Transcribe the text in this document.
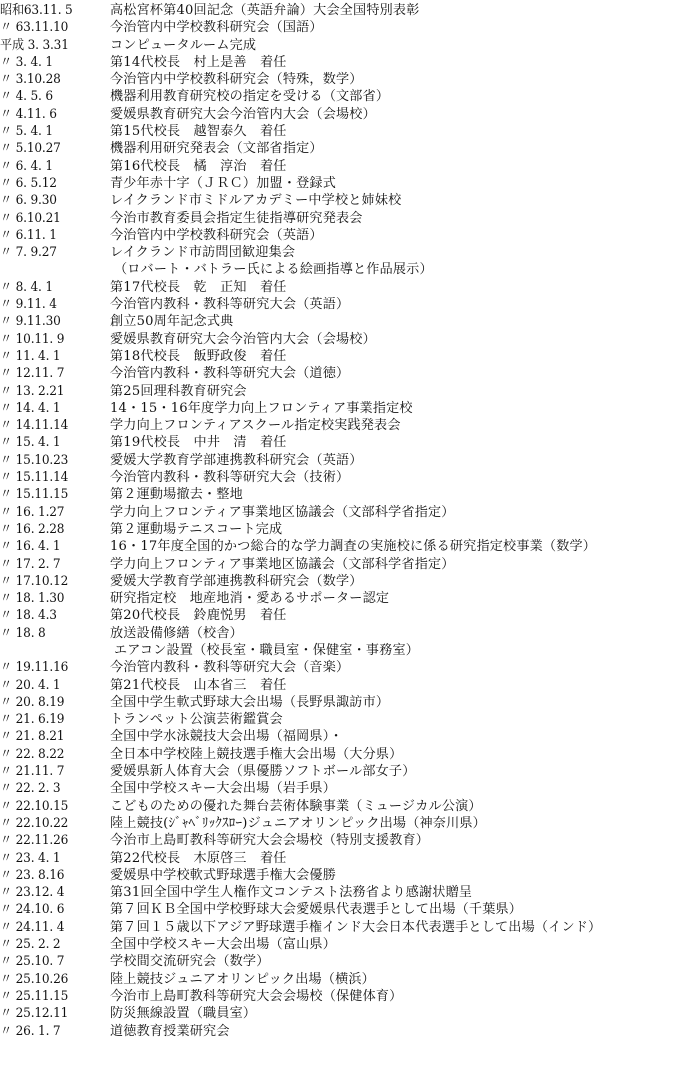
昭和63.11. 5	高松宮杯第40回記念（英語弁論）大会全国特別表彰
〃 63.11.10	今治管内中学校教科研究会（国語）
平成 3. 3.31	コンピュータルーム完成
〃 3. 4. 1	第14代校長　村上是善　着任
〃 3.10.28	今治管内中学校教科研究会（特殊，数学）
〃 4. 5. 6	機器利用教育研究校の指定を受ける（文部省）
〃 4.11. 6	愛媛県教育研究大会今治管内大会（会場校）
〃 5. 4. 1	第15代校長　越智泰久　着任
〃 5.10.27	機器利用研究発表会（文部省指定）
〃 6. 4. 1	第16代校長　橘　淳治　着任
〃 6. 5.12	青少年赤十字（ＪＲＣ）加盟・登録式
〃 6. 9.30	レイクランド市ミドルアカデミー中学校と姉妹校
〃 6.10.21	今治市教育委員会指定生徒指導研究発表会
〃 6.11. 1	今治管内中学校教科研究会（英語）
〃 7. 9.27	レイクランド市訪問団歓迎集会
（ロバート・バトラー氏による絵画指導と作品展示）
〃 8. 4. 1	第17代校長　乾　正知　着任
〃 9.11. 4	今治管内教科・教科等研究大会（英語）
〃 9.11.30	創立50周年記念式典
〃 10.11. 9	愛媛県教育研究大会今治管内大会（会場校）
〃 11. 4. 1	第18代校長　飯野政俊　着任
〃 12.11. 7	今治管内教科・教科等研究大会（道徳）
〃 13. 2.21	第25回理科教育研究会
〃 14. 4. 1	14・15・16年度学力向上フロンティア事業指定校
〃 14.11.14	学力向上フロンティアスクール指定校実践発表会
〃 15. 4. 1	第19代校長　中井　清　着任
〃 15.10.23	愛媛大学教育学部連携教科研究会（英語）
〃 15.11.14	今治管内教科・教科等研究大会（技術）
〃 15.11.15	第２運動場撤去・整地
〃 16. 1.27	学力向上フロンティア事業地区協議会（文部科学省指定）
〃 16. 2.28	第２運動場テニスコート完成
〃 16. 4. 1	16・17年度全国的かつ総合的な学力調査の実施校に係る研究指定校事業（数学）
〃 17. 2. 7	学力向上フロンティア事業地区協議会（文部科学省指定）
〃 17.10.12	愛媛大学教育学部連携教科研究会（数学）
〃 18. 1.30	研究指定校　地産地消・愛あるサポーター認定
〃 18. 4.3	第20代校長　鈴鹿悦男　着任
〃 18. 8	放送設備修繕（校舎）
エアコン設置（校長室・職員室・保健室・事務室）
〃 19.11.16	今治管内教科・教科等研究大会（音楽）
〃 20. 4. 1	第21代校長　山本省三　着任
〃 20. 8.19	全国中学生軟式野球大会出場（長野県諏訪市）
〃 21. 6.19	トランペット公演芸術鑑賞会
〃 21. 8.21	全国中学水泳競技大会出場（福岡県）・
〃 22. 8.22	全日本中学校陸上競技選手権大会出場（大分県）
〃 21.11. 7	愛媛県新人体育大会（県優勝ソフトボール部女子）
〃 22. 2. 3	全国中学校スキー大会出場（岩手県）
〃 22.10.15	こどものための優れた舞台芸術体験事業（ミュージカル公演）
〃 22.10.22	陸上競技(ｼﾞｬﾍﾞﾘｯｸｽﾛｰ)ジュニアオリンピック出場（神奈川県）
〃 22.11.26	今治市上島町教科等研究大会会場校（特別支援教育）
〃 23. 4. 1	第22代校長　木原啓三　着任
〃 23. 8.16	愛媛県中学校軟式野球選手権大会優勝
〃 23.12. 4	第31回全国中学生人権作文コンテスト法務省より感謝状贈呈
〃 24.10. 6	第７回ＫＢ全国中学校野球大会愛媛県代表選手として出場（千葉県）
〃 24.11. 4	第７回１５歳以下アジア野球選手権インド大会日本代表選手として出場（インド）
〃 25. 2. 2	全国中学校スキー大会出場（富山県）
〃 25.10. 7	学校間交流研究会（数学）
〃 25.10.26	陸上競技ジュニアオリンピック出場（横浜）
〃 25.11.15	今治市上島町教科等研究大会会場校（保健体育）
〃 25.12.11	防災無線設置（職員室）
〃 26. 1. 7	道徳教育授業研究会
